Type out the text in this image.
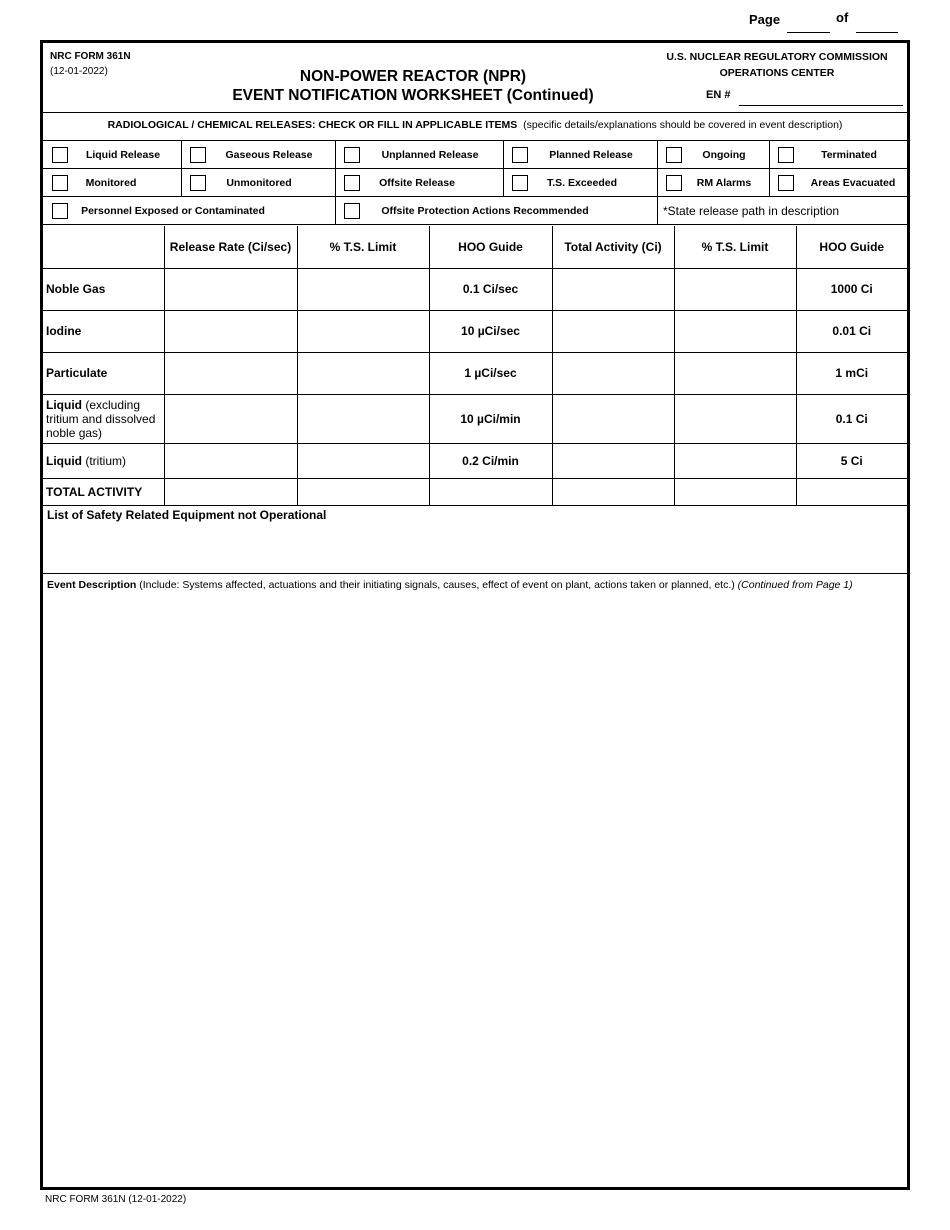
Page	of
NRC FORM 361N
(12-01-2022)	NON-POWER REACTOR (NPR)
EVENT NOTIFICATION WORKSHEET (Continued)
U.S. NUCLEAR REGULATORY COMMISSION
OPERATIONS CENTER
EN #
RADIOLOGICAL / CHEMICAL RELEASES: CHECK OR FILL IN APPLICABLE ITEMS (specific details/explanations should be covered in event description)
Liquid Release	Gaseous Release	Unplanned Release	Planned Release	Ongoing	Terminated
Monitored	Unmonitored	Offsite Release	T.S. Exceeded	RM Alarms	Areas Evacuated
Personnel Exposed or Contaminated	Offsite Protection Actions Recommended	*State release path in description
	Release Rate (Ci/sec)	% T.S. Limit	HOO Guide	Total Activity (Ci)	% T.S. Limit	HOO Guide
Noble Gas			0.1 Ci/sec			1000 Ci
Iodine			10 µCi/sec			0.01 Ci
Particulate			1 µCi/sec			1 mCi
Liquid (excluding tritium and dissolved noble gas)			10 µCi/min			0.1 Ci
Liquid (tritium)			0.2 Ci/min			5 Ci
TOTAL ACTIVITY						
List of Safety Related Equipment not Operational
Event Description (Include: Systems affected, actuations and their initiating signals, causes, effect of event on plant, actions taken or planned, etc.) (Continued from Page 1)
NRC FORM 361N (12-01-2022)
